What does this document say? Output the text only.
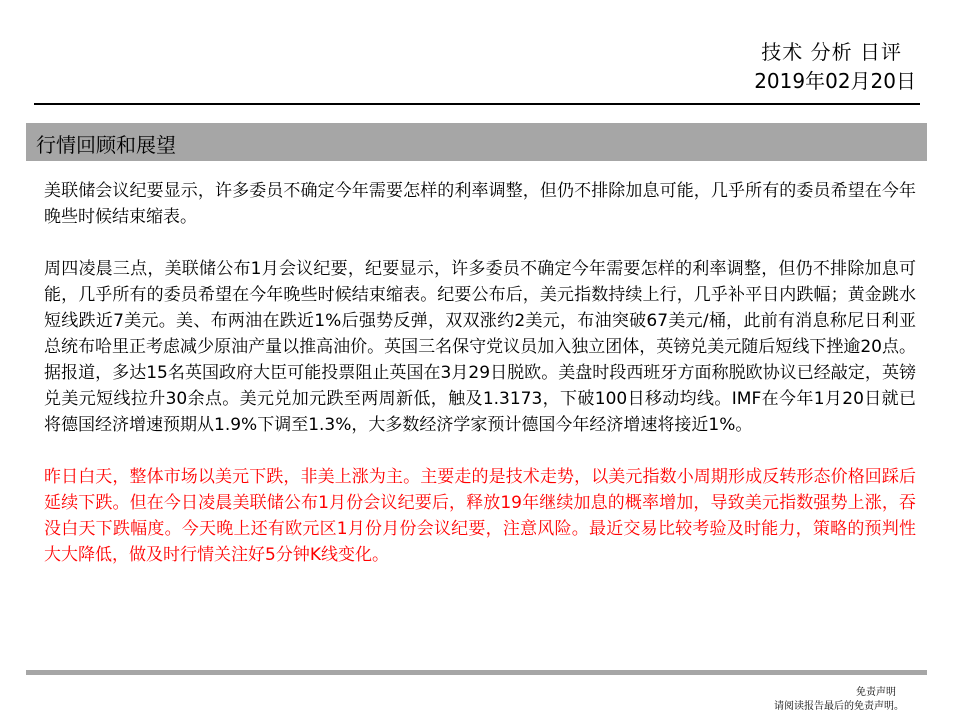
技术 分析 日评
2019年02月20日
行情回顾和展望

美联储会议纪要显示，许多委员不确定今年需要怎样的利率调整，但仍不排除加息可能，几乎所有的委员希望在今年晚些时候结束缩表。

周四凌晨三点，美联储公布1月会议纪要，纪要显示，许多委员不确定今年需要怎样的利率调整，但仍不排除加息可能，几乎所有的委员希望在今年晚些时候结束缩表。纪要公布后，美元指数持续上行，几乎补平日内跌幅；黄金跳水短线跌近7美元。美、布两油在跌近1%后强势反弹，双双涨约2美元，布油突破67美元/桶，此前有消息称尼日利亚总统布哈里正考虑减少原油产量以推高油价。英国三名保守党议员加入独立团体，英镑兑美元随后短线下挫逾20点。据报道，多达15名英国政府大臣可能投票阻止英国在3月29日脱欧。美盘时段西班牙方面称脱欧协议已经敲定，英镑兑美元短线拉升30余点。美元兑加元跌至两周新低，触及1.3173，下破100日移动均线。IMF在今年1月20日就已将德国经济增速预期从1.9%下调至1.3%，大多数经济学家预计德国今年经济增速将接近1%。

昨日白天，整体市场以美元下跌，非美上涨为主。主要走的是技术走势，以美元指数小周期形成反转形态价格回踩后延续下跌。但在今日凌晨美联储公布1月份会议纪要后，释放19年继续加息的概率增加，导致美元指数强势上涨，吞没白天下跌幅度。今天晚上还有欧元区1月份月份会议纪要，注意风险。最近交易比较考验及时能力，策略的预判性大大降低，做及时行情关注好5分钟K线变化。

免责声明
请阅读报告最后的免责声明。
